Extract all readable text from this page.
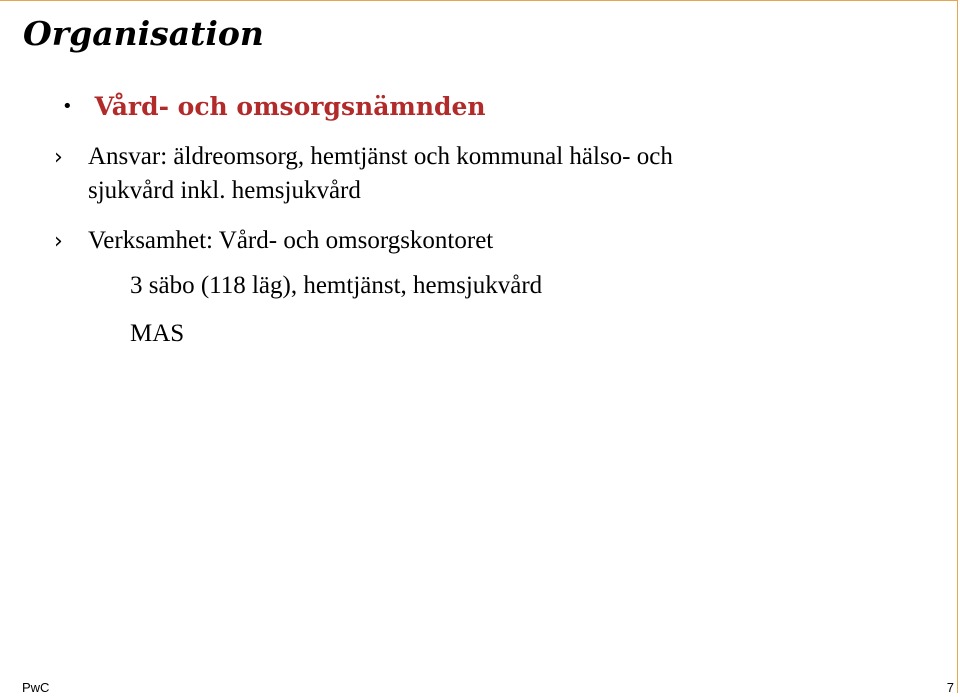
Organisation
• Vård- och omsorgsnämnden
› Ansvar: äldreomsorg, hemtjänst och kommunal hälso- och
sjukvård inkl. hemsjukvård
› Verksamhet: Vård- och omsorgskontoret
3 säbo (118 läg), hemtjänst, hemsjukvård
MAS
PwC	7
